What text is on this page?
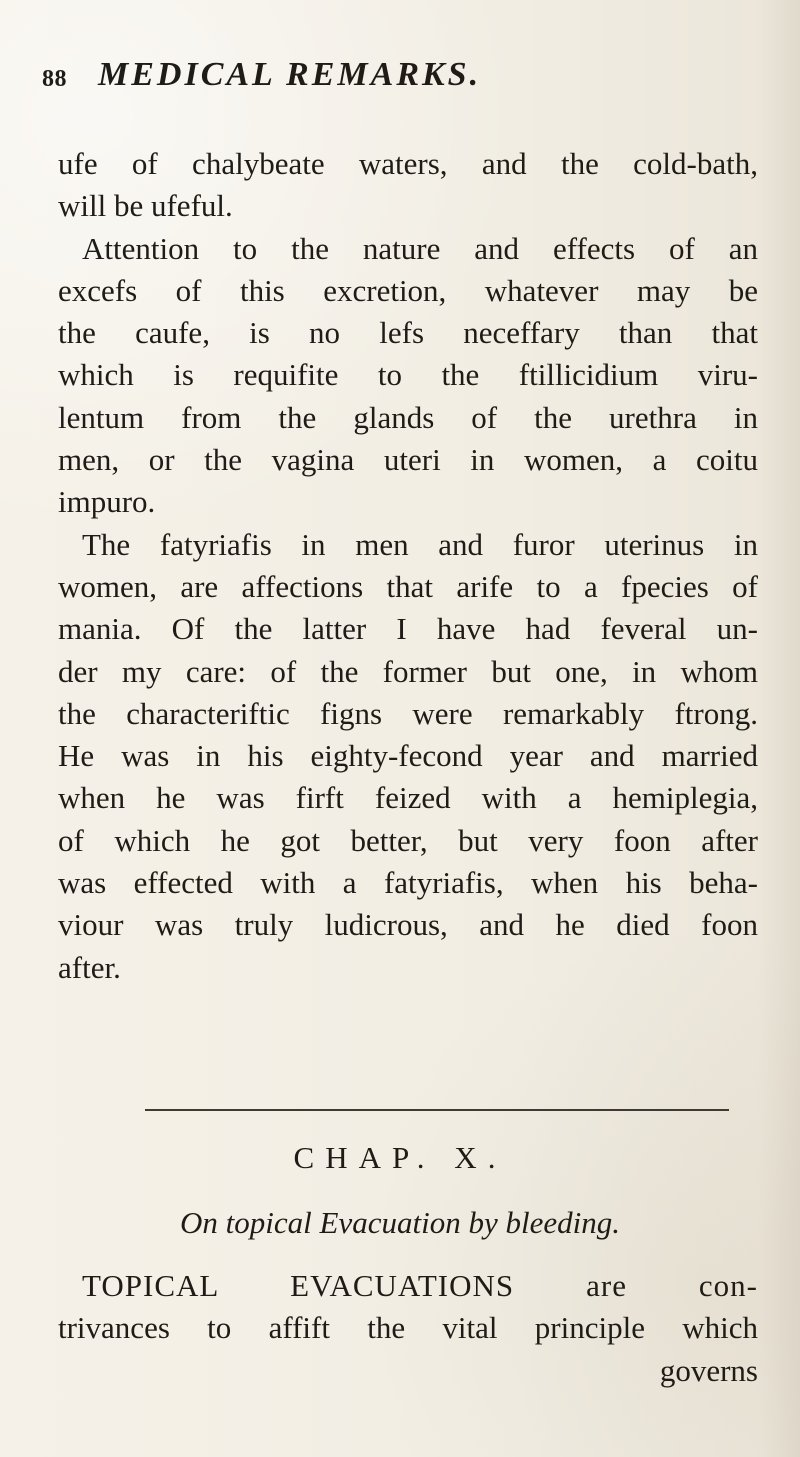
88 MEDICAL REMARKS.
ufe of chalybeate waters, and the cold-bath,
will be ufeful.
Attention to the nature and effects of an
excefs of this excretion, whatever may be
the caufe, is no lefs neceffary than that
which is requifite to the ftillicidium viru-
lentum from the glands of the urethra in
men, or the vagina uteri in women, a coitu
impuro.
The fatyriafis in men and furor uterinus in
women, are affections that arife to a fpecies of
mania. Of the latter I have had feveral un-
der my care: of the former but one, in whom
the characteriftic figns were remarkably ftrong.
He was in his eighty-fecond year and married
when he was firft feized with a hemiplegia,
of which he got better, but very foon after
was effected with a fatyriafis, when his beha-
viour was truly ludicrous, and he died foon
after.
CHAP. X.
On topical Evacuation by bleeding.
TOPICAL EVACUATIONS are con-
trivances to affift the vital principle which
governs
